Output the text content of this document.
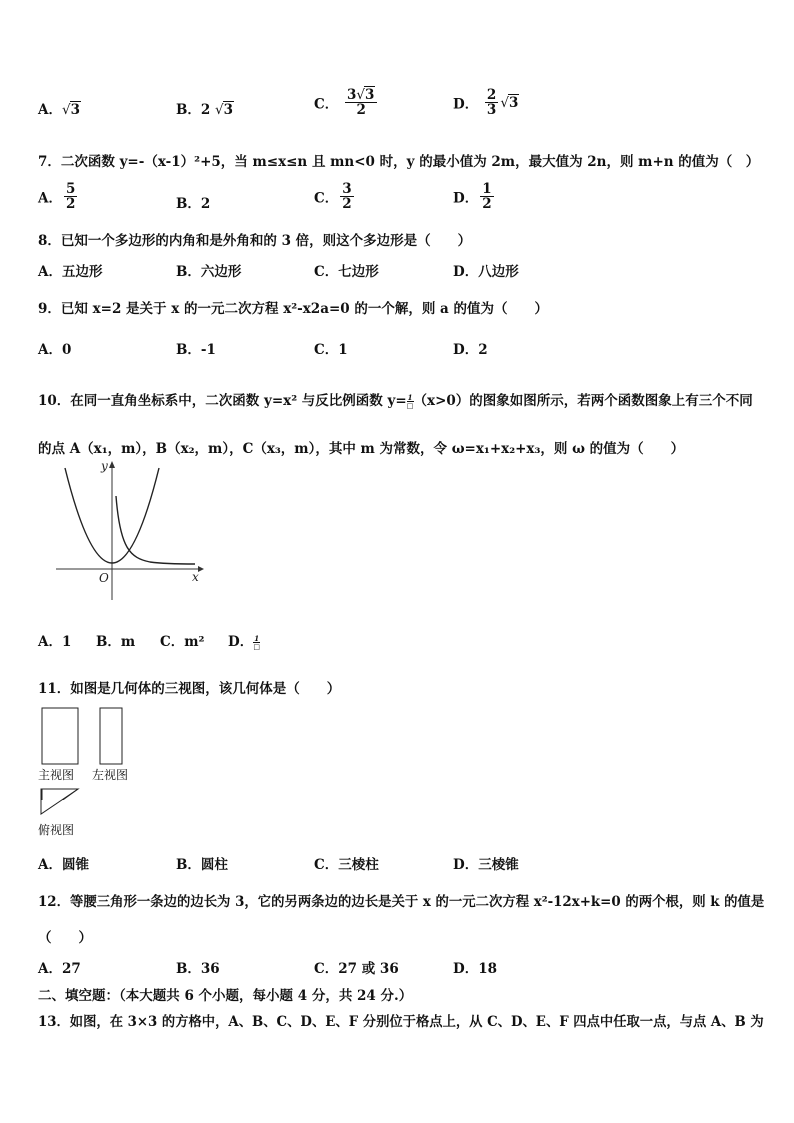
A．√3	B．2 √3	C． $\frac{3√3}{2}$	D． $\frac{2}{3} √3$
7．二次函数 y=-（x-1）²+5，当 m≤x≤n 且 mn<0 时，y 的最小值为 2m，最大值为 2n，则 m+n 的值为（　）
A． $\frac{5}{2}$	B．2	C． $\frac{3}{2}$	D． $\frac{1}{2}$
8．已知一个多边形的内角和是外角和的 3 倍，则这个多边形是（　　）
A．五边形	B．六边形	C．七边形	D．八边形
9．已知 x=2 是关于 x 的一元二次方程 x²-x2a=0 的一个解，则 a 的值为（　　）
A．0	B．-1	C．1	D．2
10．在同一直角坐标系中，二次函数 y=x² 与反比例函数 y= 1
□ （x>0）的图象如图所示，若两个函数图象上有三个不同
的点 A（x₁，m），B（x₂，m），C（x₃，m），其中 m 为常数，令 ω=x₁+x₂+x₃，则 ω 的值为（　　）
y
x
O
A．1 B．m C．m² D． 1
□
11．如图是几何体的三视图，该几何体是（　　）
主视图 左视图
俯视图
A．圆锥	B．圆柱	C．三棱柱	D．三棱锥
12．等腰三角形一条边的边长为 3，它的另两条边的边长是关于 x 的一元二次方程 x²-12x+k=0 的两个根，则 k 的值是
（　　）
A．27	B．36	C．27 或 36	D．18
二、填空题：（本大题共 6 个小题，每小题 4 分，共 24 分.）
13．如图，在 3×3 的方格中，A、B、C、D、E、F 分别位于格点上，从 C、D、E、F 四点中任取一点，与点 A、B 为
